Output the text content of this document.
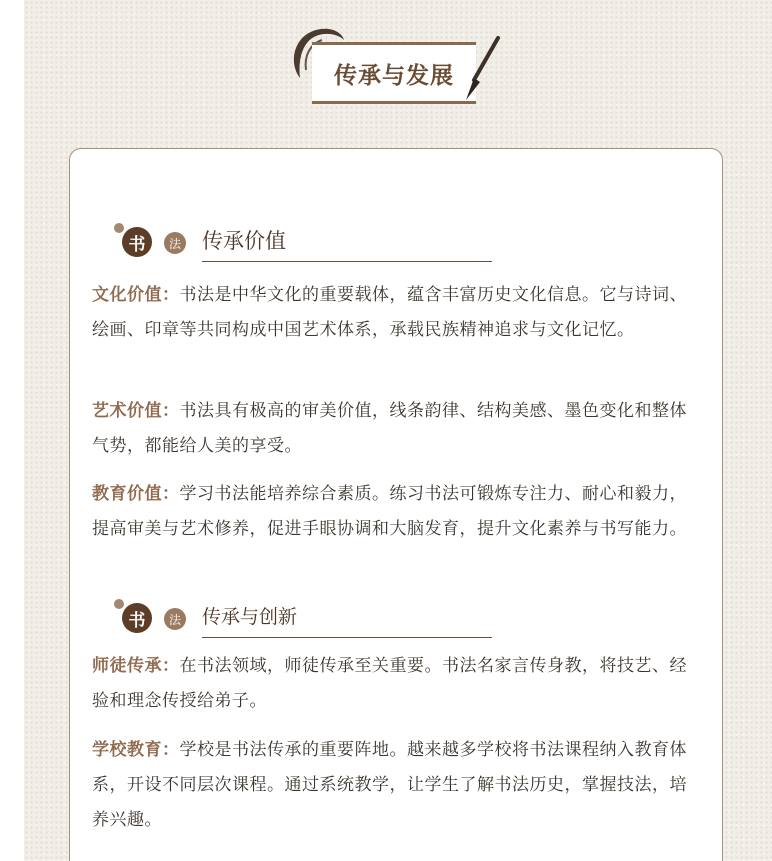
传承与发展
书	法 传承价值

文化价值：书法是中华文化的重要载体，蕴含丰富历史文化信息。它与诗词、绘画、印章等共同构成中国艺术体系，承载民族精神追求与文化记忆。

艺术价值：书法具有极高的审美价值，线条韵律、结构美感、墨色变化和整体气势，都能给人美的享受。

教育价值：学习书法能培养综合素质。练习书法可锻炼专注力、耐心和毅力，提高审美与艺术修养，促进手眼协调和大脑发育，提升文化素养与书写能力。

书	法 传承与创新

师徒传承：在书法领域，师徒传承至关重要。书法名家言传身教，将技艺、经验和理念传授给弟子。

学校教育：学校是书法传承的重要阵地。越来越多学校将书法课程纳入教育体系，开设不同层次课程。通过系统教学，让学生了解书法历史，掌握技法，培养兴趣。
